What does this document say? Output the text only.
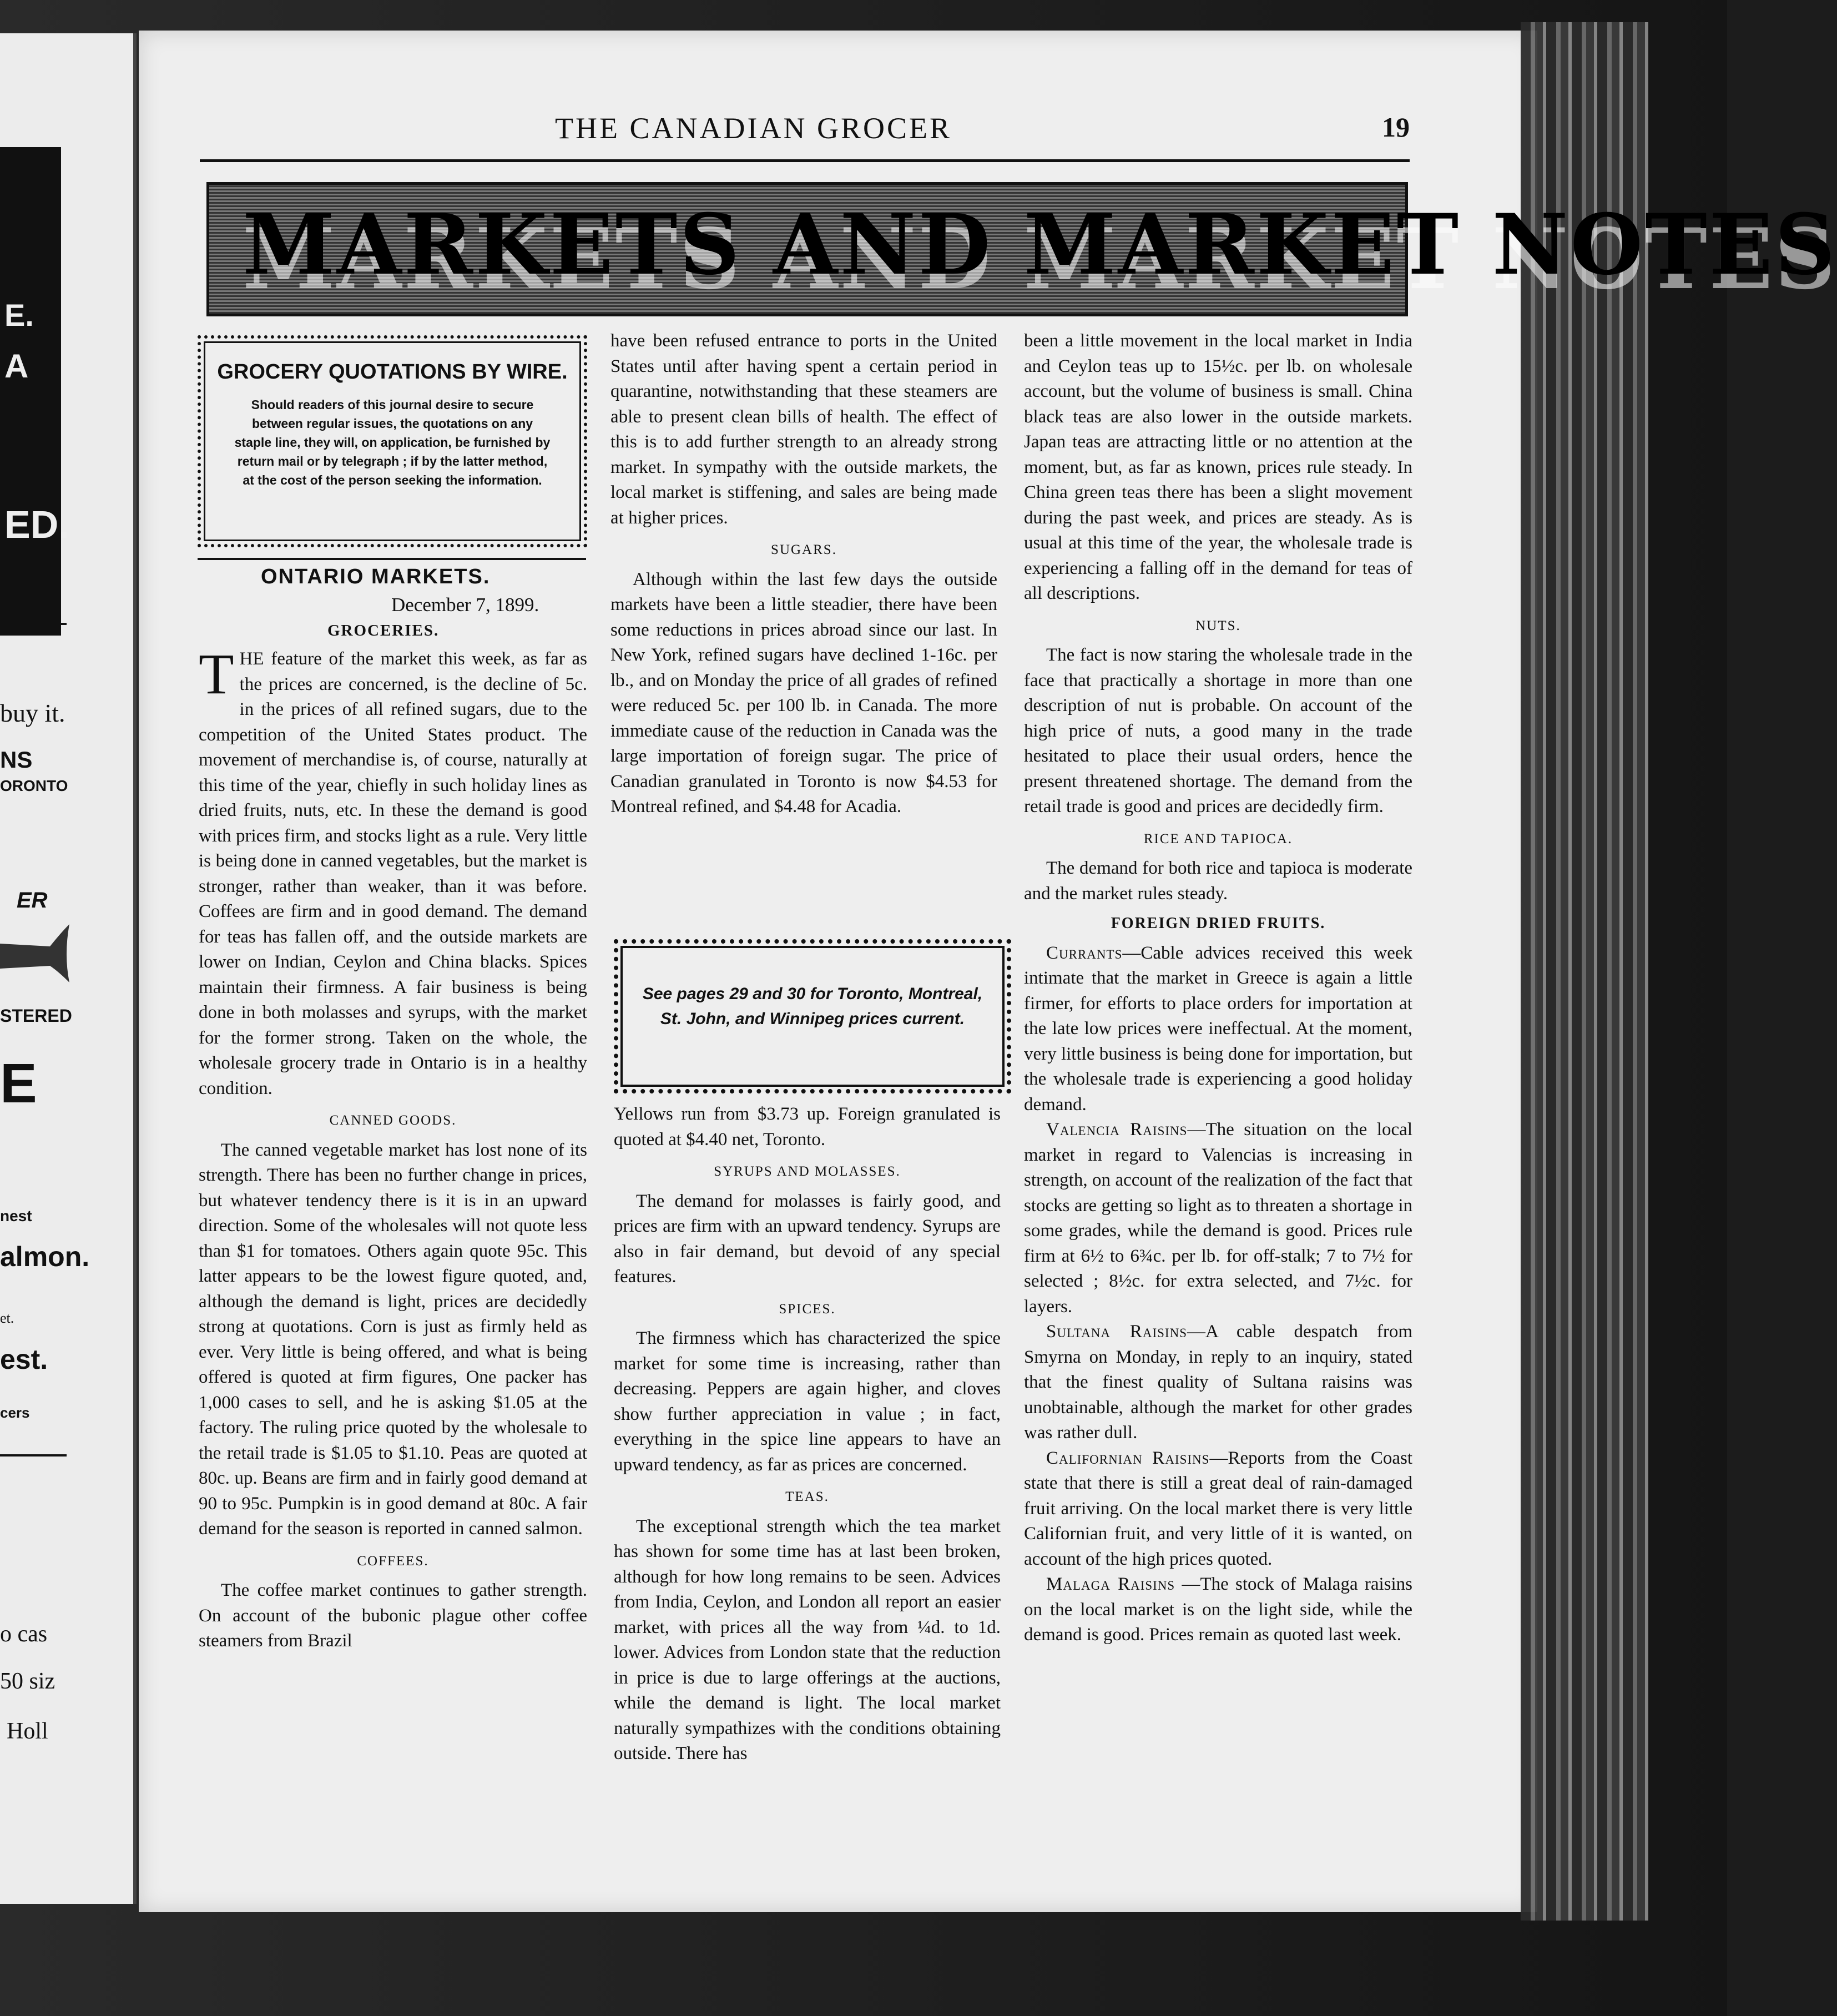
E.
A
ED.
buy it.
NS
ORONTO
ER
STERED
E
nest
almon.
et.
est.
cers
o cas
50 siz
Holl
THE CANADIAN GROCER	19
MARKETS AND MARKET NOTES
GROCERY QUOTATIONS BY WIRE.
Should readers of this journal desire to secure between regular issues, the quotations on any staple line, they will, on application, be furnished by return mail or by telegraph ; if by the latter method, at the cost of the person seeking the information.
ONTARIO MARKETS.
December 7, 1899.
GROCERIES.

THE feature of the market this week, as far as the prices are concerned, is the decline of 5c. in the prices of all refined sugars, due to the competition of the United States product. The movement of merchandise is, of course, naturally at this time of the year, chiefly in such holiday lines as dried fruits, nuts, etc. In these the demand is good with prices firm, and stocks light as a rule. Very little is being done in canned vegetables, but the market is stronger, rather than weaker, than it was before. Coffees are firm and in good demand. The demand for teas has fallen off, and the outside markets are lower on Indian, Ceylon and China blacks. Spices maintain their firmness. A fair business is being done in both molasses and syrups, with the market for the former strong. Taken on the whole, the wholesale grocery trade in Ontario is in a healthy condition.

CANNED GOODS.

The canned vegetable market has lost none of its strength. There has been no further change in prices, but whatever tendency there is it is in an upward direction. Some of the wholesales will not quote less than $1 for tomatoes. Others again quote 95c. This latter appears to be the lowest figure quoted, and, although the demand is light, prices are decidedly strong at quotations. Corn is just as firmly held as ever. Very little is being offered, and what is being offered is quoted at firm figures, One packer has 1,000 cases to sell, and he is asking $1.05 at the factory. The ruling price quoted by the wholesale to the retail trade is $1.05 to $1.10. Peas are quoted at 80c. up. Beans are firm and in fairly good demand at 90 to 95c. Pumpkin is in good demand at 80c. A fair demand for the season is reported in canned salmon.

COFFEES.

The coffee market continues to gather strength. On account of the bubonic plague other coffee steamers from Brazil

have been refused entrance to ports in the United States until after having spent a certain period in quarantine, notwithstanding that these steamers are able to present clean bills of health. The effect of this is to add further strength to an already strong market. In sympathy with the outside markets, the local market is stiffening, and sales are being made at higher prices.

SUGARS.

Although within the last few days the outside markets have been a little steadier, there have been some reductions in prices abroad since our last. In New York, refined sugars have declined 1-16c. per lb., and on Monday the price of all grades of refined were reduced 5c. per 100 lb. in Canada. The more immediate cause of the reduction in Canada was the large importation of foreign sugar. The price of Canadian granulated in Toronto is now $4.53 for Montreal refined, and $4.48 for Acadia.

See pages 29 and 30 for Toronto, Montreal, St. John, and Winnipeg prices current.

Yellows run from $3.73 up. Foreign granulated is quoted at $4.40 net, Toronto.

SYRUPS AND MOLASSES.

The demand for molasses is fairly good, and prices are firm with an upward tendency. Syrups are also in fair demand, but devoid of any special features.

SPICES.

The firmness which has characterized the spice market for some time is increasing, rather than decreasing. Peppers are again higher, and cloves show further appreciation in value ; in fact, everything in the spice line appears to have an upward tendency, as far as prices are concerned.

TEAS.

The exceptional strength which the tea market has shown for some time has at last been broken, although for how long remains to be seen. Advices from India, Ceylon, and London all report an easier market, with prices all the way from ¼d. to 1d. lower. Advices from London state that the reduction in price is due to large offerings at the auctions, while the demand is light. The local market naturally sympathizes with the conditions obtaining outside. There has

been a little movement in the local market in India and Ceylon teas up to 15½c. per lb. on wholesale account, but the volume of business is small. China black teas are also lower in the outside markets. Japan teas are attracting little or no attention at the moment, but, as far as known, prices rule steady. In China green teas there has been a slight movement during the past week, and prices are steady. As is usual at this time of the year, the wholesale trade is experiencing a falling off in the demand for teas of all descriptions.

NUTS.

The fact is now staring the wholesale trade in the face that practically a shortage in more than one description of nut is probable. On account of the high price of nuts, a good many in the trade hesitated to place their usual orders, hence the present threatened shortage. The demand from the retail trade is good and prices are decidedly firm.

RICE AND TAPIOCA.

The demand for both rice and tapioca is moderate and the market rules steady.

FOREIGN DRIED FRUITS.

Currants—Cable advices received this week intimate that the market in Greece is again a little firmer, for efforts to place orders for importation at the late low prices were ineffectual. At the moment, very little business is being done for importation, but the wholesale trade is experiencing a good holiday demand.

Valencia Raisins—The situation on the local market in regard to Valencias is increasing in strength, on account of the realization of the fact that stocks are getting so light as to threaten a shortage in some grades, while the demand is good. Prices rule firm at 6½ to 6¾c. per lb. for off-stalk; 7 to 7½ for selected ; 8½c. for extra selected, and 7½c. for layers.

Sultana Raisins—A cable despatch from Smyrna on Monday, in reply to an inquiry, stated that the finest quality of Sultana raisins was unobtainable, although the market for other grades was rather dull.

Californian Raisins—Reports from the Coast state that there is still a great deal of rain-damaged fruit arriving. On the local market there is very little Californian fruit, and very little of it is wanted, on account of the high prices quoted.

Malaga Raisins —The stock of Malaga raisins on the local market is on the light side, while the demand is good. Prices remain as quoted last week.
